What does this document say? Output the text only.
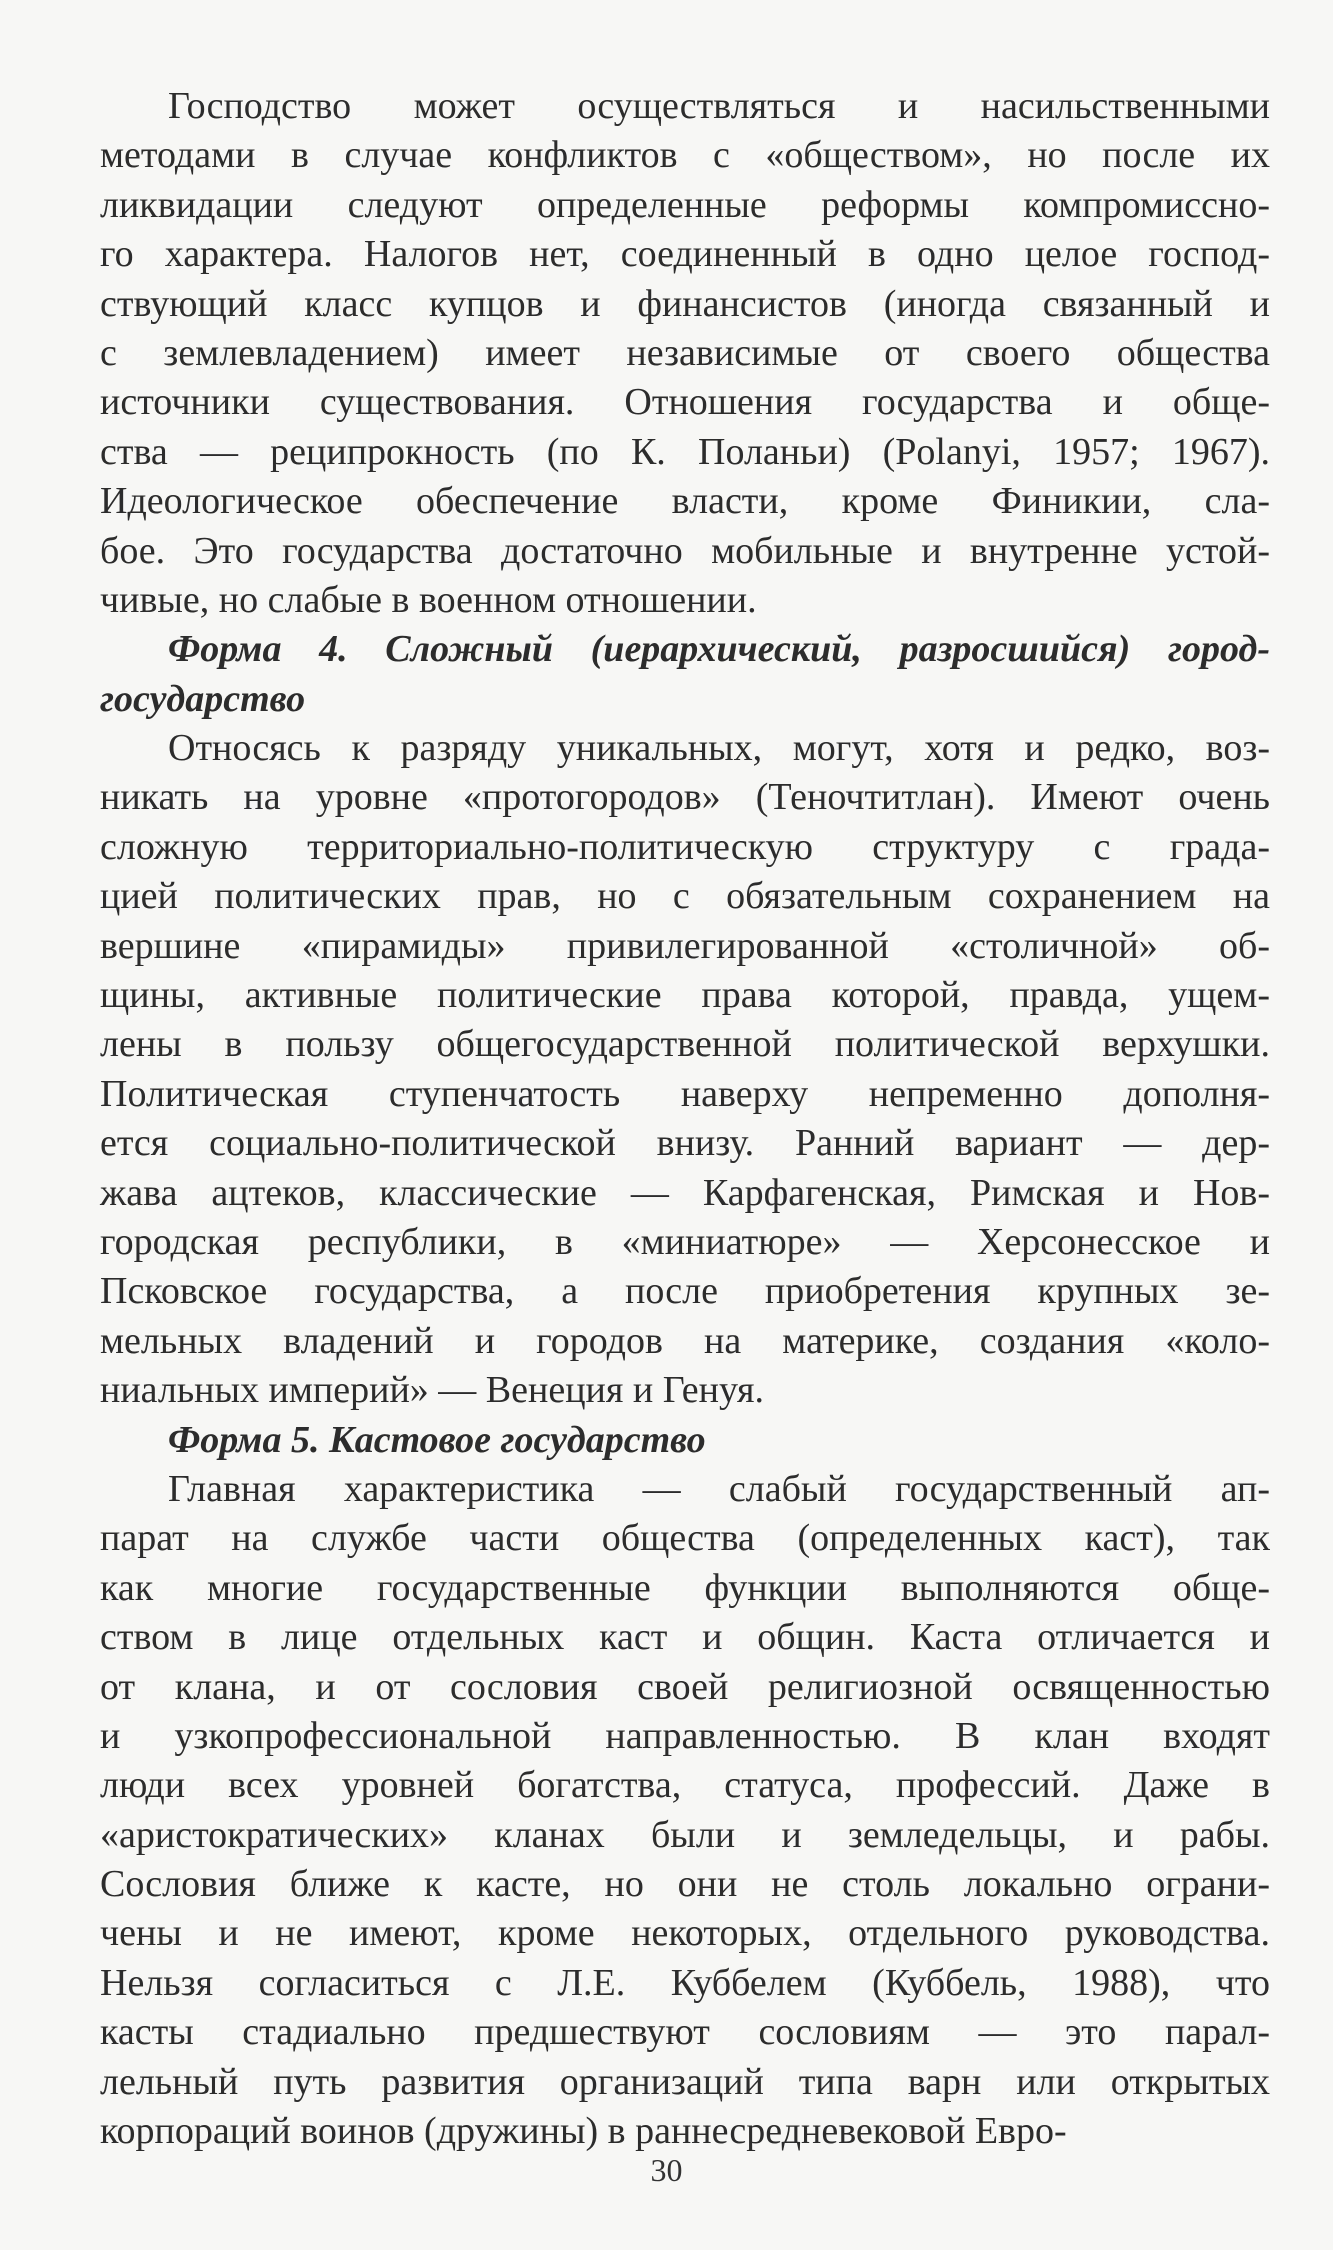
Господство может осуществляться и насильственными
методами в случае конфликтов с «обществом», но после их
ликвидации следуют определенные реформы компромиссно-
го характера. Налогов нет, соединенный в одно целое господ-
ствующий класс купцов и финансистов (иногда связанный и
с землевладением) имеет независимые от своего общества
источники существования. Отношения государства и обще-
ства — реципрокность (по К. Поланьи) (Polanyi, 1957; 1967).
Идеологическое обеспечение власти, кроме Финикии, сла-
бое. Это государства достаточно мобильные и внутренне устой-
чивые, но слабые в военном отношении.
Форма 4. Сложный (иерархический, разросшийся) город-
государство
Относясь к разряду уникальных, могут, хотя и редко, воз-
никать на уровне «протогородов» (Теночтитлан). Имеют очень
сложную территориально-политическую структуру с града-
цией политических прав, но с обязательным сохранением на
вершине «пирамиды» привилегированной «столичной» об-
щины, активные политические права которой, правда, ущем-
лены в пользу общегосударственной политической верхушки.
Политическая ступенчатость наверху непременно дополня-
ется социально-политической внизу. Ранний вариант — дер-
жава ацтеков, классические — Карфагенская, Римская и Нов-
городская республики, в «миниатюре» — Херсонесское и
Псковское государства, а после приобретения крупных зе-
мельных владений и городов на материке, создания «коло-
ниальных империй» — Венеция и Генуя.
Форма 5. Кастовое государство
Главная характеристика — слабый государственный ап-
парат на службе части общества (определенных каст), так
как многие государственные функции выполняются обще-
ством в лице отдельных каст и общин. Каста отличается и
от клана, и от сословия своей религиозной освященностью
и узкопрофессиональной направленностью. В клан входят
люди всех уровней богатства, статуса, профессий. Даже в
«аристократических» кланах были и земледельцы, и рабы.
Сословия ближе к касте, но они не столь локально ограни-
чены и не имеют, кроме некоторых, отдельного руководства.
Нельзя согласиться с Л.Е. Куббелем (Куббель, 1988), что
касты стадиально предшествуют сословиям — это парал-
лельный путь развития организаций типа варн или открытых
корпораций воинов (дружины) в раннесредневековой Евро-
30
